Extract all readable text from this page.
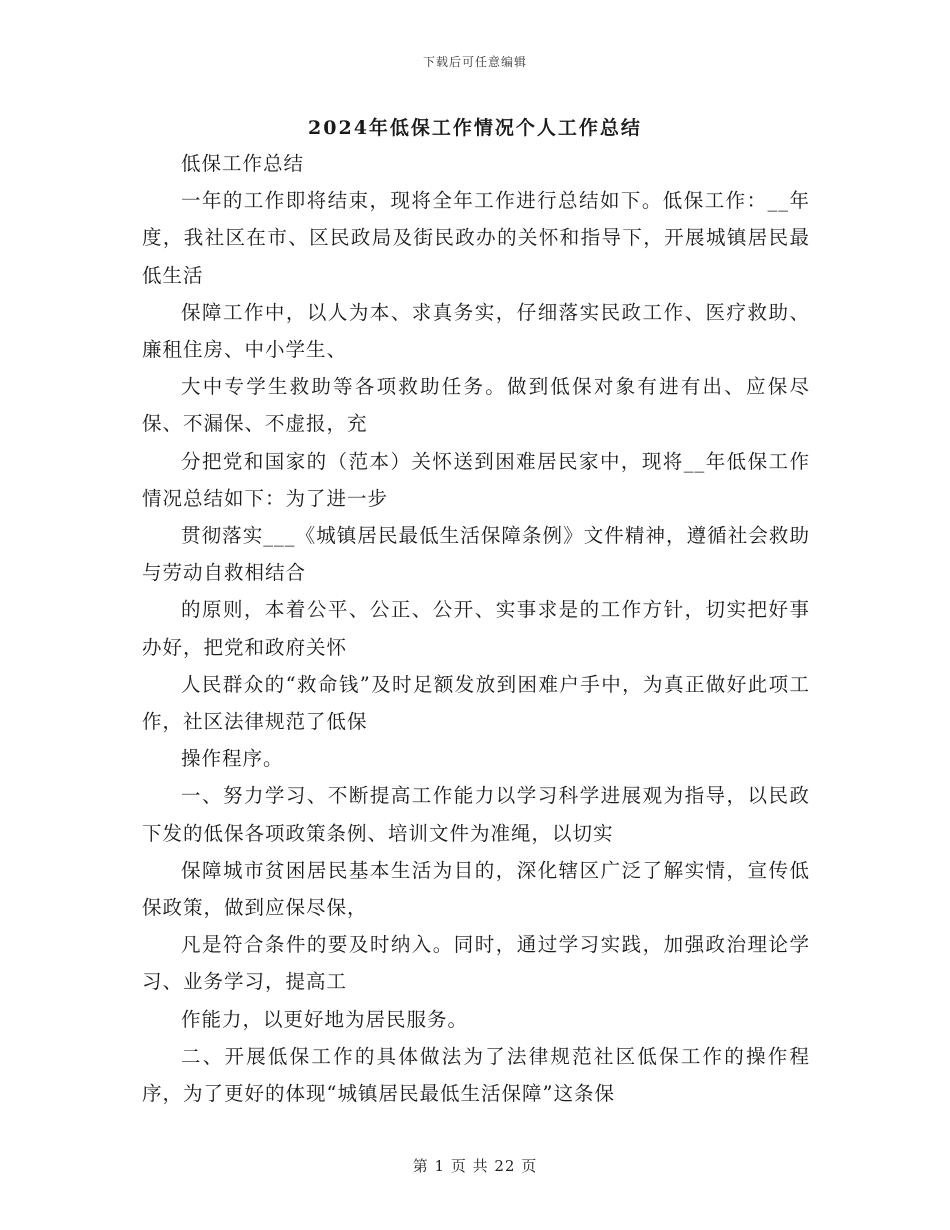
下载后可任意编辑
2024年低保工作情况个人工作总结

低保工作总结

一年的工作即将结束，现将全年工作进行总结如下。低保工作：__年度，我社区在市、区民政局及街民政办的关怀和指导下，开展城镇居民最低生活

保障工作中，以人为本、求真务实，仔细落实民政工作、医疗救助、廉租住房、中小学生、

大中专学生救助等各项救助任务。做到低保对象有进有出、应保尽保、不漏保、不虚报，充

分把党和国家的（范本）关怀送到困难居民家中，现将__年低保工作情况总结如下：为了进一步

贯彻落实___《城镇居民最低生活保障条例》文件精神，遵循社会救助与劳动自救相结合

的原则，本着公平、公正、公开、实事求是的工作方针，切实把好事办好，把党和政府关怀

人民群众的“救命钱”及时足额发放到困难户手中，为真正做好此项工作，社区法律规范了低保

操作程序。

一、努力学习、不断提高工作能力以学习科学进展观为指导，以民政下发的低保各项政策条例、培训文件为准绳，以切实

保障城市贫困居民基本生活为目的，深化辖区广泛了解实情，宣传低保政策，做到应保尽保，

凡是符合条件的要及时纳入。同时，通过学习实践，加强政治理论学习、业务学习，提高工

作能力，以更好地为居民服务。

二、开展低保工作的具体做法为了法律规范社区低保工作的操作程序，为了更好的体现“城镇居民最低生活保障”这条保

第 1 页 共 22 页
